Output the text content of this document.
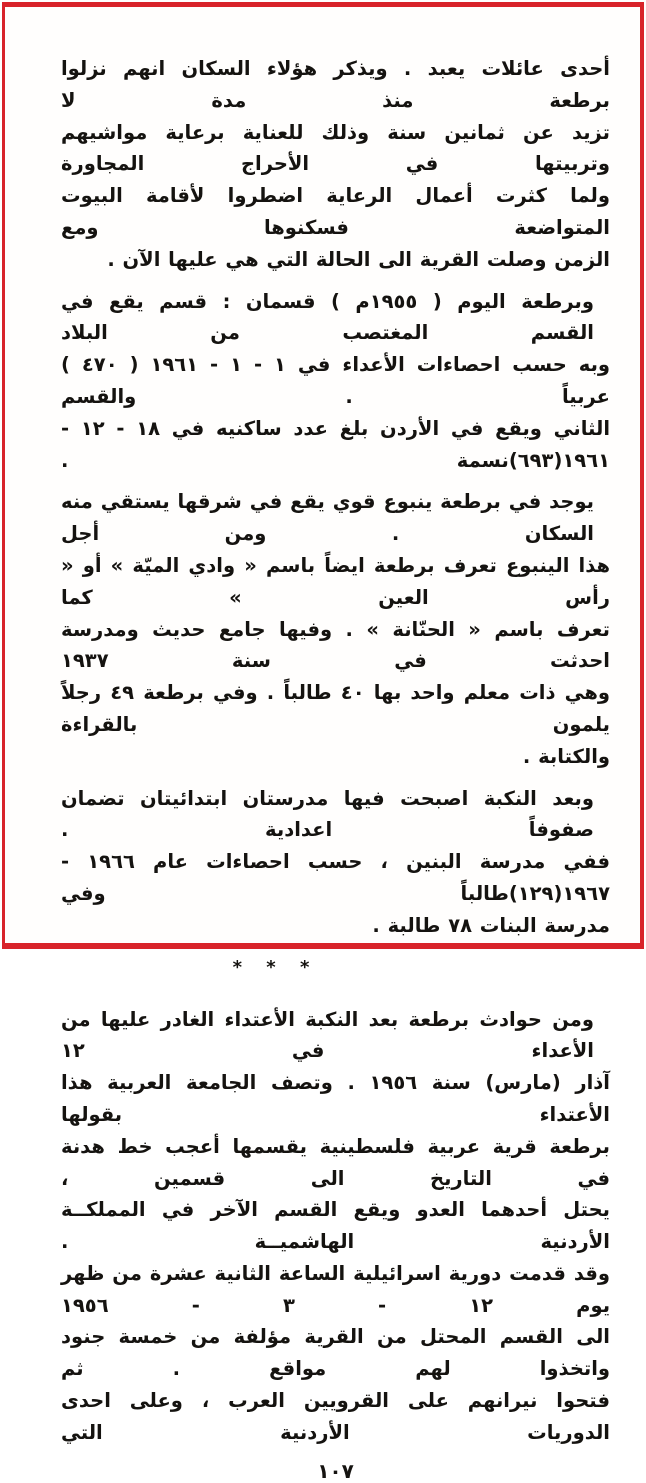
أحدى عائلات يعبد . ويذكر هؤلاء السكان انهم نزلوا برطعة منذ مدة لا
تزيد عن ثمانين سنة وذلك للعناية برعاية مواشيهم وتربيتها في الأحراج المجاورة
ولما كثرت أعمال الرعاية اضطروا لأقامة البيوت المتواضعة فسكنوها ومع
الزمن وصلت القرية الى الحالة التي هي عليها الآن .
وبرطعة اليوم ( ١٩٥٥م ) قسمان : قسم يقع في القسم المغتصب من البلاد
وبه حسب احصاءات الأعداء في ١ - ١ - ١٩٦١ ( ٤٧٠ ) عربياً . والقسم
الثاني ويقع في الأردن بلغ عدد ساكنيه في ١٨ - ١٢ - ١٩٦١(٦٩٣)نسمة .
يوجد في برطعة ينبوع قوي يقع في شرقها يستقي منه السكان . ومن أجل
هذا الينبوع تعرف برطعة ايضاً باسم « وادي الميّة » أو « رأس العين » كما
تعرف باسم « الحنّانة » . وفيها جامع حديث ومدرسة احدثت في سنة ١٩٣٧
وهي ذات معلم واحد بها ٤٠ طالباً . وفي برطعة ٤٩ رجلاً يلمون بالقراءة
والكتابة .
وبعد النكبة اصبحت فيها مدرستان ابتدائيتان تضمان صفوفاً اعدادية .
ففي مدرسة البنين ، حسب احصاءات عام ١٩٦٦ - ١٩٦٧(١٢٩)طالباً وفي
مدرسة البنات ٧٨ طالبة .
* * *
ومن حوادث برطعة بعد النكبة الأعتداء الغادر عليها من الأعداء في ١٢
آذار (مارس) سنة ١٩٥٦ . وتصف الجامعة العربية هذا الأعتداء بقولها
برطعة قرية عربية فلسطينية يقسمها أعجب خط هدنة في التاريخ الى قسمين ،
يحتل أحدهما العدو ويقع القسم الآخر في المملكــة الأردنية الهاشميــة .
وقد قدمت دورية اسرائيلية الساعة الثانية عشرة من ظهر يوم ١٢ - ٣ - ١٩٥٦
الى القسم المحتل من القرية مؤلفة من خمسة جنود واتخذوا لهم مواقع . ثم
فتحوا نيرانهم على القرويين العرب ، وعلى احدى الدوريات الأردنية التي
١٠٧
